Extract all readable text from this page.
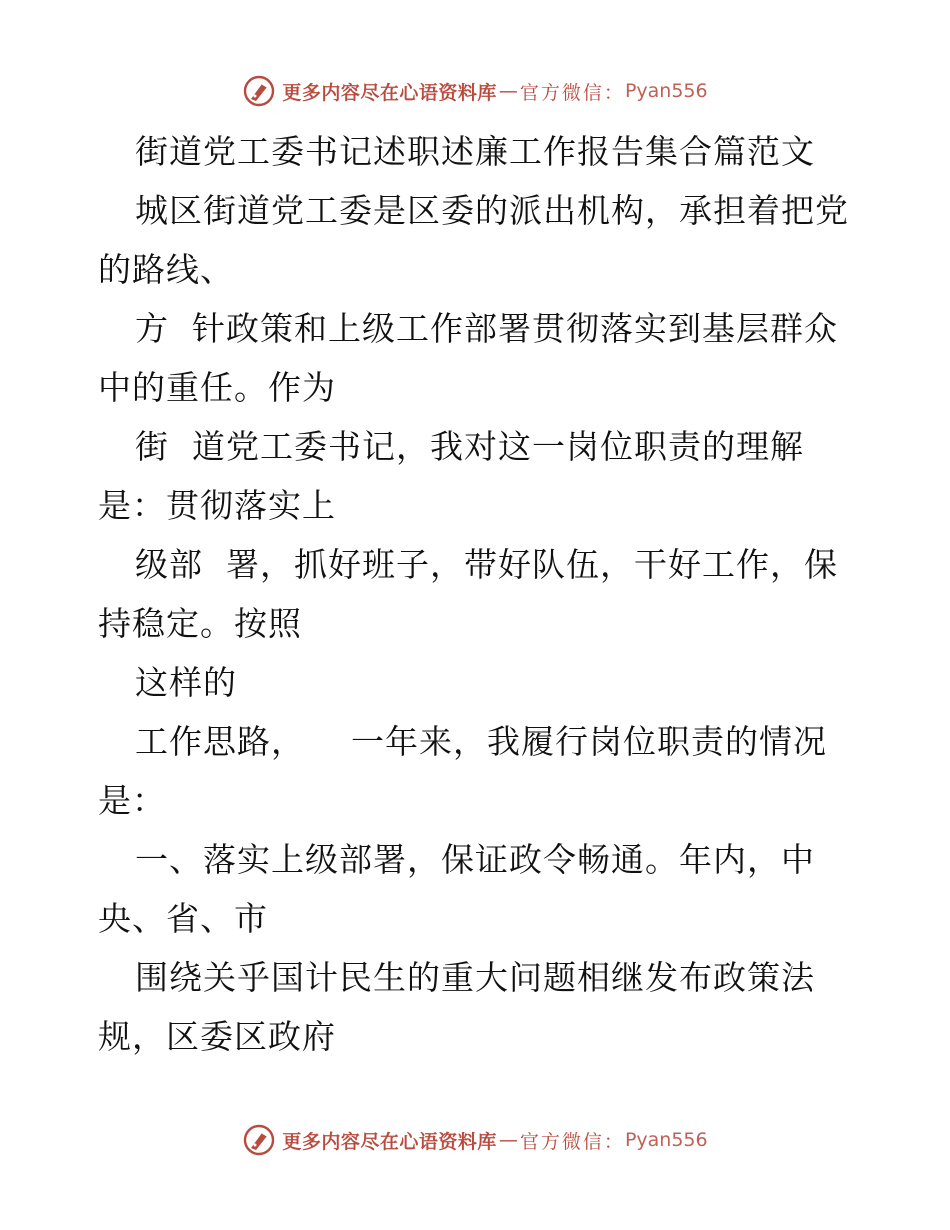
更多内容尽在心语资料库 — 官方微信： Pyan556
街道党工委书记述职述廉工作报告集合篇范文
城区街道党工委是区委的派出机构，承担着把党
的路线、
方  针政策和上级工作部署贯彻落实到基层群众
中的重任。作为
街  道党工委书记，我对这一岗位职责的理解
是：贯彻落实上
级部  署，抓好班子，带好队伍，干好工作，保
持稳定。按照
这样的
工作思路，    一年来，我履行岗位职责的情况
是：
一、落实上级部署，保证政令畅通。年内，中
央、省、市
围绕关乎国计民生的重大问题相继发布政策法
规，区委区政府
更多内容尽在心语资料库 — 官方微信： Pyan556
